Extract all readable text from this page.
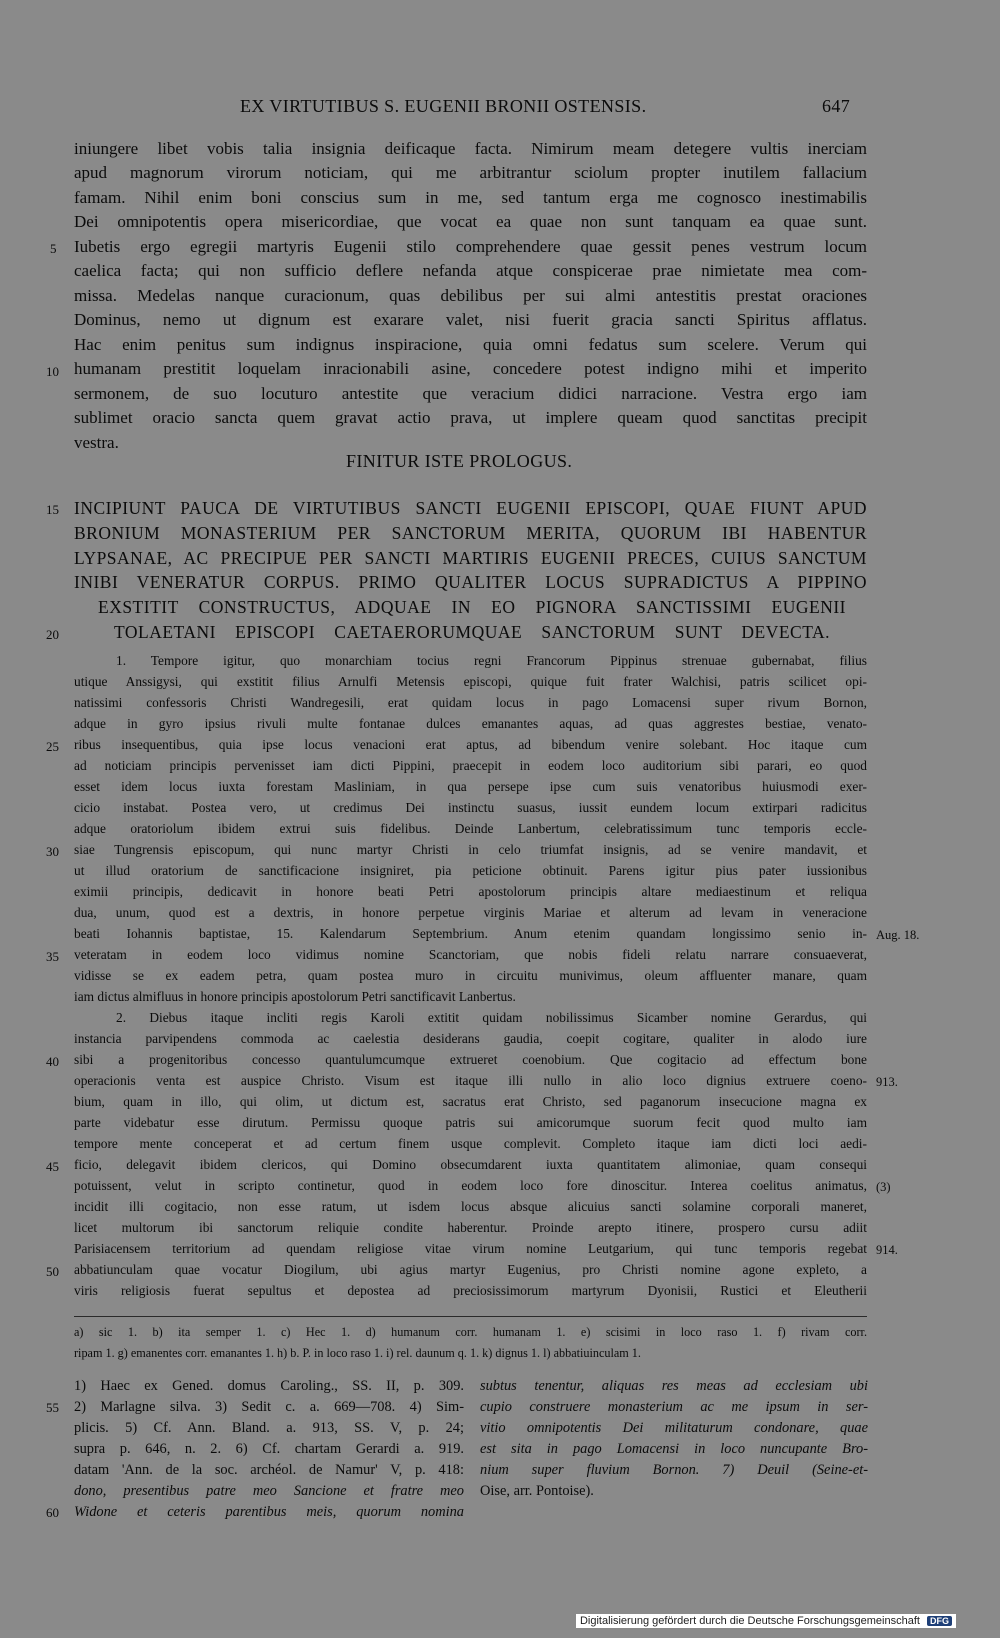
EX VIRTUTIBUS S. EUGENII BRONII OSTENSIS.	647
iniungere libet vobis talia insignia deificaque facta. Nimirum meam detegere vultis inerciam
apud magnorum virorum noticiam, qui me arbitrantur sciolum propter inutilem fallacium
famam. Nihil enim boni conscius sum in me, sed tantum erga me cognosco inestimabilis
Dei omnipotentis opera misericordiae, que vocat ea quae non sunt tanquam ea quae sunt.
Iubetis ergo egregii martyris Eugenii stilo comprehendere quae gessit penes vestrum locum
caelica facta; qui non sufficio deflere nefanda atque conspicerae prae nimietate mea com-
missa. Medelas nanque curacionum, quas debilibus per sui almi antestitis prestat oraciones
Dominus, nemo ut dignum est exarare valet, nisi fuerit gracia sancti Spiritus afflatus.
Hac enim penitus sum indignus inspiracione, quia omni fedatus sum scelere. Verum qui
humanam prestitit loquelam inracionabili asine, concedere potest indigno mihi et imperito
sermonem, de suo locuturo antestite que veracium didici narracione. Vestra ergo iam
sublimet oracio sancta quem gravat actio prava, ut implere queam quod sanctitas precipit
vestra.
FINITUR ISTE PROLOGUS.
INCIPIUNT PAUCA DE VIRTUTIBUS SANCTI EUGENII EPISCOPI, QUAE FIUNT APUD
BRONIUM MONASTERIUM PER SANCTORUM MERITA, QUORUM IBI HABENTUR
LYPSANAE, AC PRECIPUE PER SANCTI MARTIRIS EUGENII PRECES, CUIUS SANCTUM
INIBI VENERATUR CORPUS. PRIMO QUALITER LOCUS SUPRADICTUS A PIPPINO
EXSTITIT CONSTRUCTUS, ADQUAE IN EO PIGNORA SANCTISSIMI EUGENII
TOLAETANI EPISCOPI CAETAERORUMQUAE SANCTORUM SUNT DEVECTA.
1. Tempore igitur, quo monarchiam tocius regni Francorum Pippinus strenuae gubernabat, filius
utique Anssigysi, qui exstitit filius Arnulfi Metensis episcopi, quique fuit frater Walchisi, patris scilicet opi-
natissimi confessoris Christi Wandregesili, erat quidam locus in pago Lomacensi super rivum Bornon,
adque in gyro ipsius rivuli multe fontanae dulces emanantes aquas, ad quas aggrestes bestiae, venato-
ribus insequentibus, quia ipse locus venacioni erat aptus, ad bibendum venire solebant. Hoc itaque cum
ad noticiam principis pervenisset iam dicti Pippini, praecepit in eodem loco auditorium sibi parari, eo quod
esset idem locus iuxta forestam Masliniam, in qua persepe ipse cum suis venatoribus huiusmodi exer-
cicio instabat. Postea vero, ut credimus Dei instinctu suasus, iussit eundem locum extirpari radicitus
adque oratoriolum ibidem extrui suis fidelibus. Deinde Lanbertum, celebratissimum tunc temporis eccle-
siae Tungrensis episcopum, qui nunc martyr Christi in celo triumfat insignis, ad se venire mandavit, et
ut illud oratorium de sanctificacione insigniret, pia peticione obtinuit. Parens igitur pius pater iussionibus
eximii principis, dedicavit in honore beati Petri apostolorum principis altare mediaestinum et reliqua
dua, unum, quod est a dextris, in honore perpetue virginis Mariae et alterum ad levam in veneracione
beati Iohannis baptistae, 15. Kalendarum Septembrium. Anum etenim quandam longissimo senio in-
veteratam in eodem loco vidimus nomine Scanctoriam, que nobis fideli relatu narrare consuaeverat,
vidisse se ex eadem petra, quam postea muro in circuitu munivimus, oleum affluenter manare, quam
iam dictus almifluus in honore principis apostolorum Petri sanctificavit Lanbertus.
2. Diebus itaque incliti regis Karoli extitit quidam nobilissimus Sicamber nomine Gerardus, qui
instancia parvipendens commoda ac caelestia desiderans gaudia, coepit cogitare, qualiter in alodo iure
sibi a progenitoribus concesso quantulumcumque extrueret coenobium. Que cogitacio ad effectum bone
operacionis venta est auspice Christo. Visum est itaque illi nullo in alio loco dignius extruere coeno-
bium, quam in illo, qui olim, ut dictum est, sacratus erat Christo, sed paganorum insecucione magna ex
parte videbatur esse dirutum. Permissu quoque patris sui amicorumque suorum fecit quod multo iam
tempore mente conceperat et ad certum finem usque complevit. Completo itaque iam dicti loci aedi-
ficio, delegavit ibidem clericos, qui Domino obsecumdarent iuxta quantitatem alimoniae, quam consequi
potuissent, velut in scripto continetur, quod in eodem loco fore dinoscitur. Interea coelitus animatus,
incidit illi cogitacio, non esse ratum, ut isdem locus absque alicuius sancti solamine corporali maneret,
licet multorum ibi sanctorum reliquie condite haberentur. Proinde arepto itinere, prospero cursu adiit
Parisiacensem territorium ad quendam religiose vitae virum nomine Leutgarium, qui tunc temporis regebat
abbatiunculam quae vocatur Diogilum, ubi agius martyr Eugenius, pro Christi nomine agone expleto, a
viris religiosis fuerat sepultus et depostea ad preciosissimorum martyrum Dyonisii, Rustici et Eleutherii
5
10
15
20
25
30
35
40
45
50
55
60
Aug. 18.
913.
(3)
914.
a) sic 1. b) ita semper 1. c) Hec 1. d) humanum corr. humanam 1. e) scisimi in loco raso 1. f) rivam corr.
ripam 1. g) emanentes corr. emanantes 1. h) b. P. in loco raso 1. i) rel. daunum q. 1. k) dignus 1. l) abbatiuinculam 1.
1) Haec ex Gened. domus Caroling., SS. II, p. 309.
2) Marlagne silva. 3) Sedit c. a. 669—708. 4) Sim-
plicis. 5) Cf. Ann. Bland. a. 913, SS. V, p. 24;
supra p. 646, n. 2. 6) Cf. chartam Gerardi a. 919.
datam 'Ann. de la soc. archéol. de Namur' V, p. 418:
dono, presentibus patre meo Sancione et fratre meo
Widone et ceteris parentibus meis, quorum nomina
subtus tenentur, aliquas res meas ad ecclesiam ubi
cupio construere monasterium ac me ipsum in ser-
vitio omnipotentis Dei militaturum condonare, quae
est sita in pago Lomacensi in loco nuncupante Bro-
nium super fluvium Bornon. 7) Deuil (Seine-et-
Oise, arr. Pontoise).
Digitalisierung gefördert durch die Deutsche Forschungsgemeinschaft DFG
